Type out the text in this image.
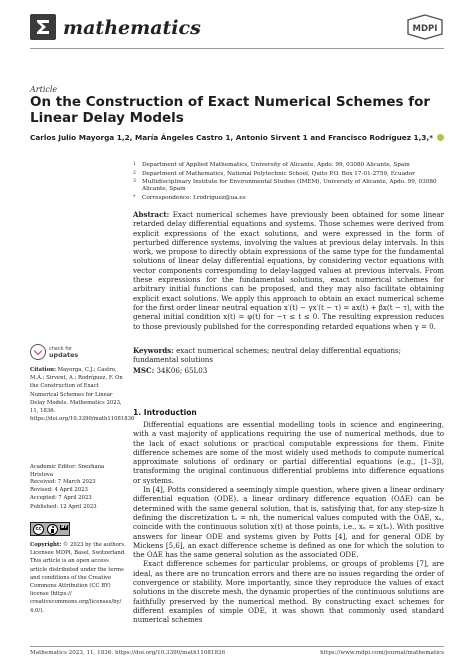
mathematics	MDPI
Article
On the Construction of Exact Numerical Schemes for Linear Delay Models
Carlos Julio Mayorga 1,2, María Ángeles Castro 1, Antonio Sirvent 1 and Francisco Rodríguez 1,3,*
1 Department of Applied Mathematics, University of Alicante, Apdo. 99, 03080 Alicante, Spain
2 Department of Mathematics, National Polytechnic School, Quito P.O. Box 17-01-2759, Ecuador
3 Multidisciplinary Institute for Environmental Studies (IMEM), University of Alicante, Apdo. 99, 03080 Alicante, Spain
* Correspondence: f.rodriguez@ua.es
Abstract: Exact numerical schemes have previously been obtained for some linear retarded delay differential equations and systems. Those schemes were derived from explicit expressions of the exact solutions, and were expressed in the form of perturbed difference systems, involving the values at previous delay intervals. In this work, we propose to directly obtain expressions of the same type for the fundamental solutions of linear delay differential equations, by considering vector equations with vector components corresponding to delay-lagged values at previous intervals. From these expressions for the fundamental solutions, exact numerical schemes for arbitrary initial functions can be proposed, and they may also facilitate obtaining explicit exact solutions. We apply this approach to obtain an exact numerical scheme for the first order linear neutral equation x′(t) − γx′(t − τ) = ax(t) + βx(t − τ), with the general initial condition x(t) = φ(t) for −τ ≤ t ≤ 0. The resulting expression reduces to those previously published for the corresponding retarded equations when γ = 0.
Keywords: exact numerical schemes; neutral delay differential equations; fundamental solutions
MSC: 34K06; 65L03
check for
updates
Citation: Mayorga, C.J.; Castro, M.Á.; Sirvent, A.; Rodríguez, F. On the Construction of Exact Numerical Schemes for Linear Delay Models. Mathematics 2023, 11, 1836. https://doi.org/10.3390/math11081836
Academic Editor: Snezhana Hristova
Received: 7 March 2023
Revised: 4 April 2023
Accepted: 7 April 2023
Published: 12 April 2023
cc	BY
Copyright: © 2023 by the authors. Licensee MDPI, Basel, Switzerland. This article is an open access article distributed under the terms and conditions of the Creative Commons Attribution (CC BY) license (https:// creativecommons.org/licenses/by/ 4.0/).
1. Introduction

Differential equations are essential modelling tools in science and engineering, with a vast majority of applications requiring the use of numerical methods, due to the lack of exact solutions or practical computable expressions for them. Finite difference schemes are some of the most widely used methods to compute numerical approximate solutions of ordinary or partial differential equations (e.g., [1–3]), transforming the original continuous differential problems into difference equations or systems.

In [4], Potts considered a seemingly simple question, where given a linear ordinary differential equation (ODE), a linear ordinary difference equation (OΔE) can be determined with the same general solution, that is, satisfying that, for any step-size h defining the discretization tₙ = nh, the numerical values computed with the OΔE, xₙ, coincide with the continuous solution x(t) at those points, i.e., xₙ = x(tₙ). With positive answers for linear ODE and systems given by Potts [4], and for general ODE by Mickens [5,6], an exact difference scheme is defined as one for which the solution to the OΔE has the same general solution as the associated ODE.

Exact difference schemes for particular problems, or groups of problems [7], are ideal, as there are no truncation errors and there are no issues regarding the order of convergence or stability. More importantly, since they reproduce the values of exact solutions in the discrete mesh, the dynamic properties of the continuous solutions are faithfully preserved by the numerical method. By constructing exact schemes for different examples of simple ODE, it was shown that commonly used standard numerical schemes

Mathematics 2023, 11, 1836. https://doi.org/10.3390/math11081836	https://www.mdpi.com/journal/mathematics
